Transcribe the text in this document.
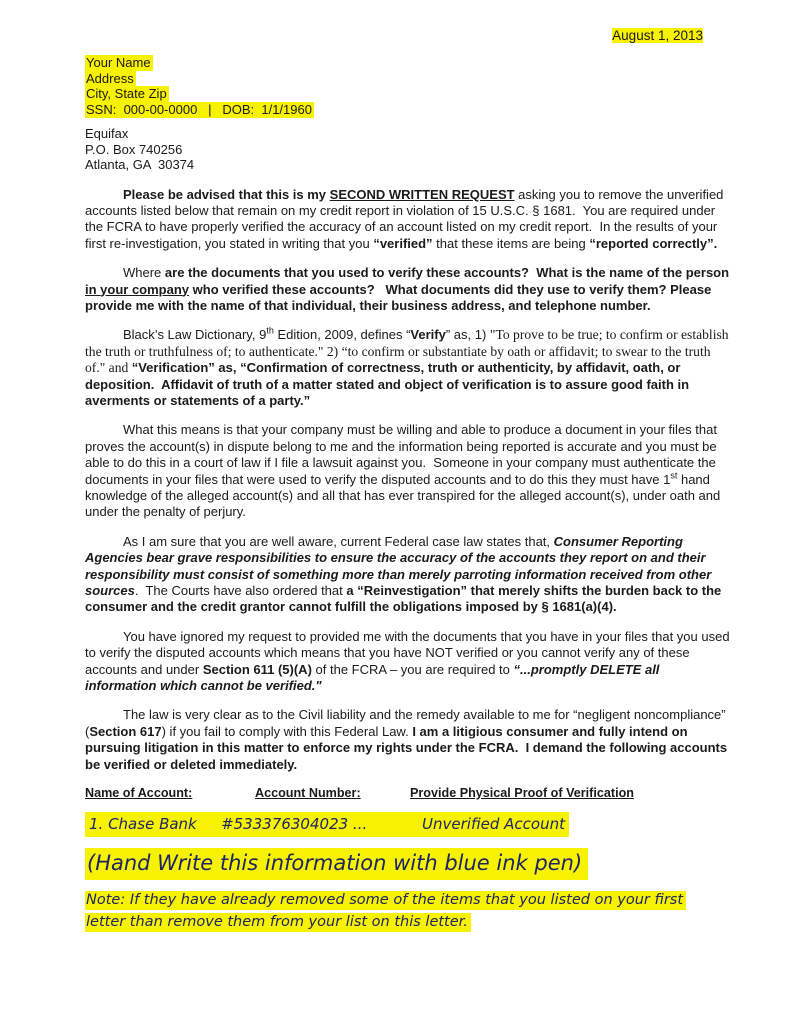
August 1, 2013
Your Name
Address
City, State Zip
SSN:  000-00-0000   |   DOB:  1/1/1960
Equifax
P.O. Box 740256
Atlanta, GA  30374

Please be advised that this is my SECOND WRITTEN REQUEST asking you to remove the unverified accounts listed below that remain on my credit report in violation of 15 U.S.C. § 1681.  You are required under the FCRA to have properly verified the accuracy of an account listed on my credit report.  In the results of your first re-investigation, you stated in writing that you “verified” that these items are being “reported correctly”.

Where are the documents that you used to verify these accounts?  What is the name of the person in your company who verified these accounts?   What documents did they use to verify them? Please provide me with the name of that individual, their business address, and telephone number.

Black’s Law Dictionary, 9th Edition, 2009, defines “Verify” as, 1) "To prove to be true; to confirm or establish the truth or truthfulness of; to authenticate." 2) “to confirm or substantiate by oath or affidavit; to swear to the truth of." and “Verification” as, “Confirmation of correctness, truth or authenticity, by affidavit, oath, or deposition.  Affidavit of truth of a matter stated and object of verification is to assure good faith in averments or statements of a party.”

What this means is that your company must be willing and able to produce a document in your files that proves the account(s) in dispute belong to me and the information being reported is accurate and you must be able to do this in a court of law if I file a lawsuit against you.  Someone in your company must authenticate the documents in your files that were used to verify the disputed accounts and to do this they must have 1st hand knowledge of the alleged account(s) and all that has ever transpired for the alleged account(s), under oath and under the penalty of perjury.

As I am sure that you are well aware, current Federal case law states that, Consumer Reporting Agencies bear grave responsibilities to ensure the accuracy of the accounts they report on and their responsibility must consist of something more than merely parroting information received from other sources.  The Courts have also ordered that a “Reinvestigation” that merely shifts the burden back to the consumer and the credit grantor cannot fulfill the obligations imposed by § 1681(a)(4).

You have ignored my request to provided me with the documents that you have in your files that you used to verify the disputed accounts which means that you have NOT verified or you cannot verify any of these accounts and under Section 611 (5)(A) of the FCRA – you are required to “...promptly DELETE all information which cannot be verified."

The law is very clear as to the Civil liability and the remedy available to me for “negligent noncompliance” (Section 617) if you fail to comply with this Federal Law. I am a litigious consumer and fully intend on pursuing litigation in this matter to enforce my rights under the FCRA.  I demand the following accounts be verified or deleted immediately.

Name of Account:	Account Number:	Provide Physical Proof of Verification
1. Chase Bank	#533376304023 ...	Unverified Account
(Hand Write this information with blue ink pen)
Note: If they have already removed some of the items that you listed on your first letter than remove them from your list on this letter.
